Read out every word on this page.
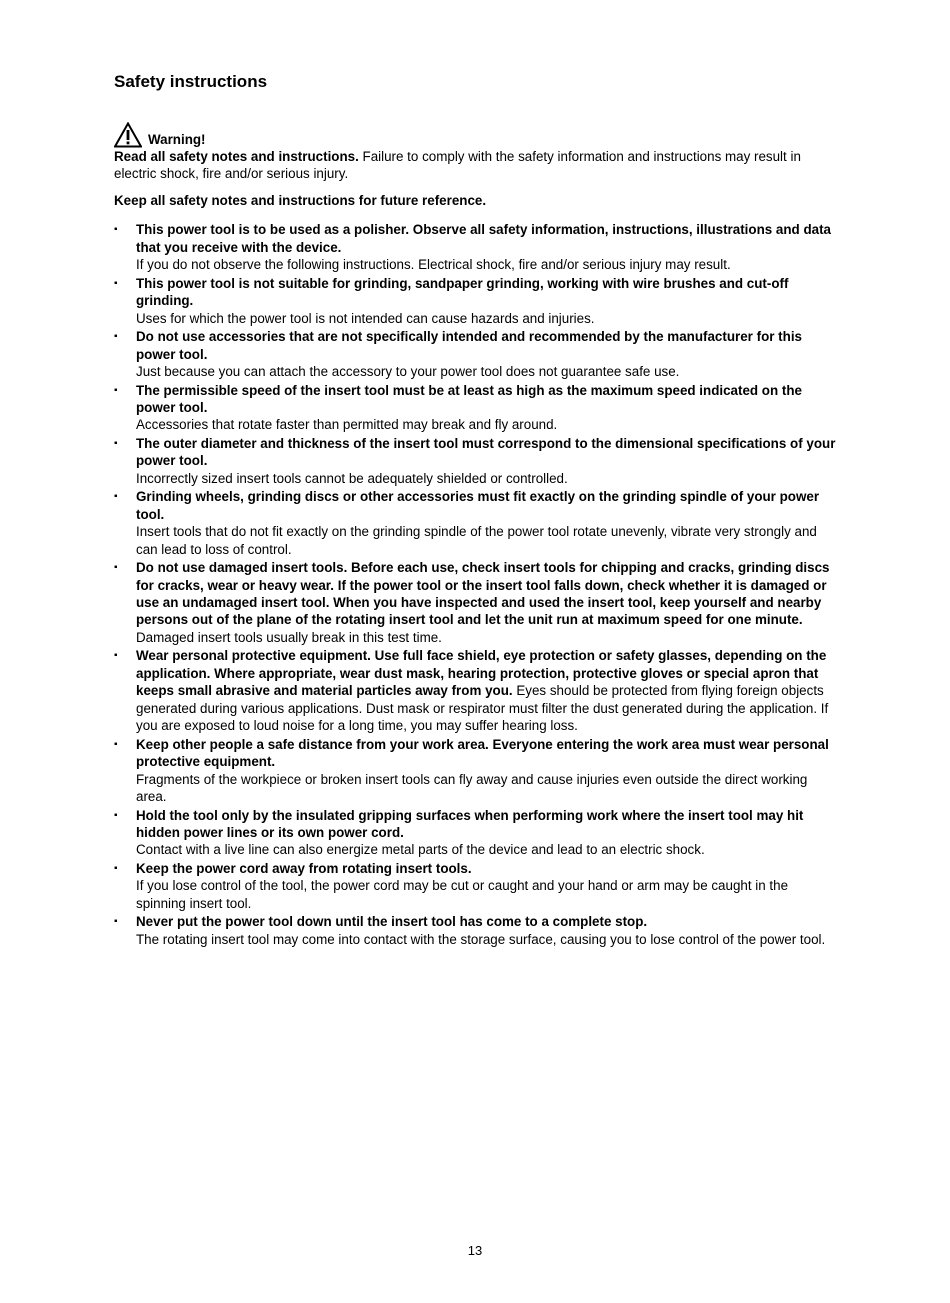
Safety instructions
Warning!

Read all safety notes and instructions. Failure to comply with the safety information and instructions may result in electric shock, fire and/or serious injury.

Keep all safety notes and instructions for future reference.

▪ This power tool is to be used as a polisher. Observe all safety information, instructions, illustrations and data that you receive with the device.
If you do not observe the following instructions. Electrical shock, fire and/or serious injury may result.
▪ This power tool is not suitable for grinding, sandpaper grinding, working with wire brushes and cut-off grinding.
Uses for which the power tool is not intended can cause hazards and injuries.
▪ Do not use accessories that are not specifically intended and recommended by the manufacturer for this power tool.
Just because you can attach the accessory to your power tool does not guarantee safe use.
▪ The permissible speed of the insert tool must be at least as high as the maximum speed indicated on the power tool.
Accessories that rotate faster than permitted may break and fly around.
▪ The outer diameter and thickness of the insert tool must correspond to the dimensional specifications of your power tool.
Incorrectly sized insert tools cannot be adequately shielded or controlled.
▪ Grinding wheels, grinding discs or other accessories must fit exactly on the grinding spindle of your power tool.
Insert tools that do not fit exactly on the grinding spindle of the power tool rotate unevenly, vibrate very strongly and can lead to loss of control.
▪ Do not use damaged insert tools. Before each use, check insert tools for chipping and cracks, grinding discs for cracks, wear or heavy wear. If the power tool or the insert tool falls down, check whether it is damaged or use an undamaged insert tool. When you have inspected and used the insert tool, keep yourself and nearby persons out of the plane of the rotating insert tool and let the unit run at maximum speed for one minute.
Damaged insert tools usually break in this test time.
▪ Wear personal protective equipment. Use full face shield, eye protection or safety glasses, depending on the application. Where appropriate, wear dust mask, hearing protection, protective gloves or special apron that keeps small abrasive and material particles away from you. Eyes should be protected from flying foreign objects generated during various applications. Dust mask or respirator must filter the dust generated during the application. If you are exposed to loud noise for a long time, you may suffer hearing loss.
▪ Keep other people a safe distance from your work area. Everyone entering the work area must wear personal protective equipment.
Fragments of the workpiece or broken insert tools can fly away and cause injuries even outside the direct working area.
▪ Hold the tool only by the insulated gripping surfaces when performing work where the insert tool may hit hidden power lines or its own power cord.
Contact with a live line can also energize metal parts of the device and lead to an electric shock.
▪ Keep the power cord away from rotating insert tools.
If you lose control of the tool, the power cord may be cut or caught and your hand or arm may be caught in the spinning insert tool.
▪ Never put the power tool down until the insert tool has come to a complete stop.
The rotating insert tool may come into contact with the storage surface, causing you to lose control of the power tool.
13
